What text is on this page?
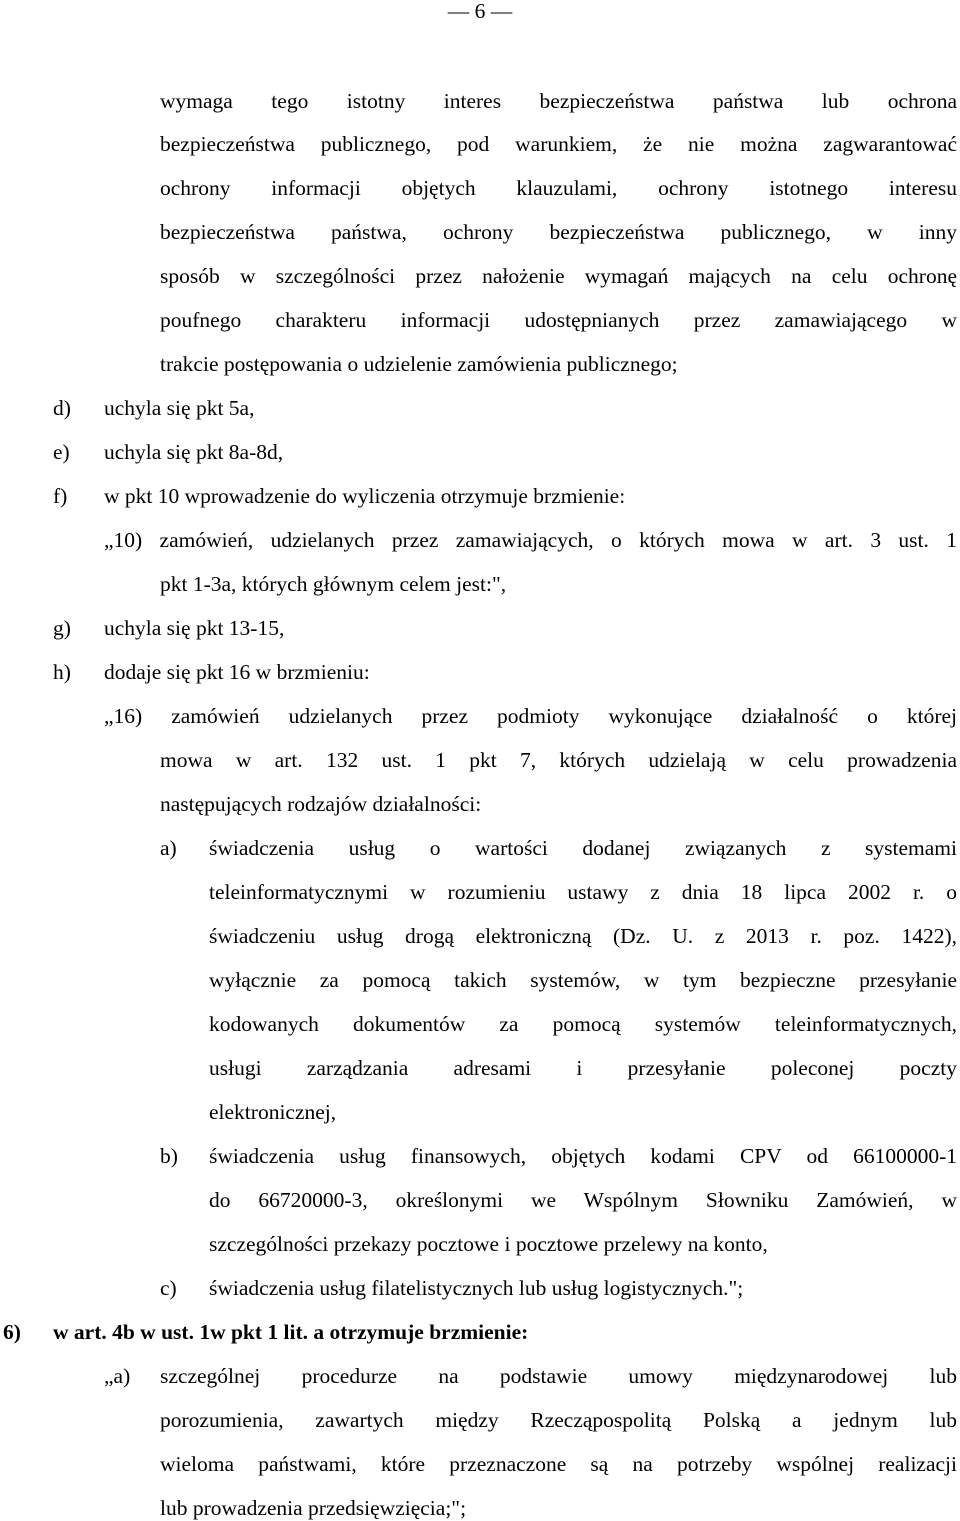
— 6 —
wymaga tego istotny interes bezpieczeństwa państwa lub ochrona
bezpieczeństwa publicznego, pod warunkiem, że nie można zagwarantować
ochrony informacji objętych klauzulami, ochrony istotnego interesu
bezpieczeństwa państwa, ochrony bezpieczeństwa publicznego, w inny
sposób w szczególności przez nałożenie wymagań mających na celu ochronę
poufnego charakteru informacji udostępnianych przez zamawiającego w
trakcie postępowania o udzielenie zamówienia publicznego;
d) uchyla się pkt 5a,
e) uchyla się pkt 8a-8d,
f) w pkt 10 wprowadzenie do wyliczenia otrzymuje brzmienie:
„10) zamówień, udzielanych przez zamawiających, o których mowa w art. 3 ust. 1
pkt 1-3a, których głównym celem jest:",
g) uchyla się pkt 13-15,
h) dodaje się pkt 16 w brzmieniu:
„16) zamówień udzielanych przez podmioty wykonujące działalność o której
mowa w art. 132 ust. 1 pkt 7, których udzielają w celu prowadzenia
następujących rodzajów działalności:
a) świadczenia usług o wartości dodanej związanych z systemami
teleinformatycznymi w rozumieniu ustawy z dnia 18 lipca 2002 r. o
świadczeniu usług drogą elektroniczną (Dz. U. z 2013 r. poz. 1422),
wyłącznie za pomocą takich systemów, w tym bezpieczne przesyłanie
kodowanych dokumentów za pomocą systemów teleinformatycznych,
usługi zarządzania adresami i przesyłanie poleconej poczty
elektronicznej,
b) świadczenia usług finansowych, objętych kodami CPV od 66100000-1
do 66720000-3, określonymi we Wspólnym Słowniku Zamówień, w
szczególności przekazy pocztowe i pocztowe przelewy na konto,
c) świadczenia usług filatelistycznych lub usług logistycznych.";
6) w art. 4b w ust. 1w pkt 1 lit. a otrzymuje brzmienie:
„a) szczególnej procedurze na podstawie umowy międzynarodowej lub
porozumienia, zawartych między Rzecząpospolitą Polską a jednym lub
wieloma państwami, które przeznaczone są na potrzeby wspólnej realizacji
lub prowadzenia przedsięwzięcia;";
